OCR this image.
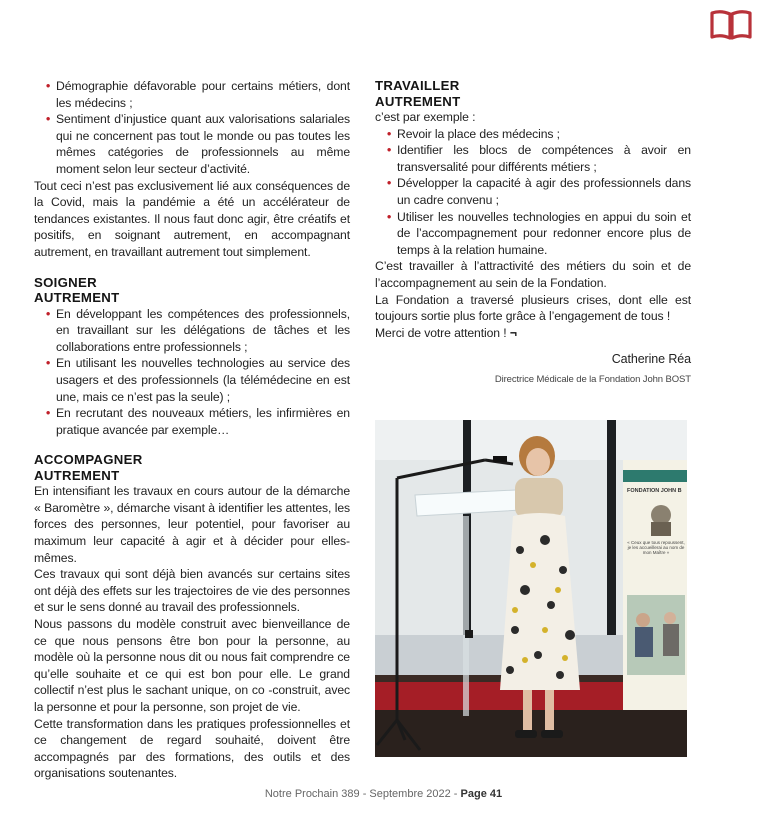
• Démographie défavorable pour certains métiers, dont les médecins ;
• Sentiment d’injustice quant aux valorisations salariales qui ne concernent pas tout le monde ou pas toutes les mêmes catégories de professionnels au même moment selon leur secteur d’activité.

Tout ceci n’est pas exclusivement lié aux conséquences de la Covid, mais la pandémie a été un accélérateur de tendances existantes. Il nous faut donc agir, être créatifs et positifs, en soignant autrement, en accompagnant autrement, en travaillant autrement tout simplement.

SOIGNER
AUTREMENT
• En développant les compétences des professionnels, en travaillant sur les délégations de tâches et les collaborations entre professionnels ;
• En utilisant les nouvelles technologies au service des usagers et des professionnels (la télémédecine en est une, mais ce n’est pas la seule) ;
• En recrutant des nouveaux métiers, les infirmières en pratique avancée par exemple…
ACCOMPAGNER
AUTREMENT

En intensifiant les travaux en cours autour de la démarche « Baromètre », démarche visant à identifier les attentes, les forces des personnes, leur potentiel, pour favoriser au maximum leur capacité à agir et à décider pour elles-mêmes.

Ces travaux qui sont déjà bien avancés sur certains sites ont déjà des effets sur les trajectoires de vie des personnes et sur le sens donné au travail des professionnels.

Nous passons du modèle construit avec bienveillance de ce que nous pensons être bon pour la personne, au modèle où la personne nous dit ou nous fait comprendre ce qu’elle souhaite et ce qui est bon pour elle. Le grand collectif n’est plus le sachant unique, on co -construit, avec la personne et pour la personne, son projet de vie.

Cette transformation dans les pratiques professionnelles et ce changement de regard souhaité, doivent être accompagnés par des formations, des outils et des organisations soutenantes.

TRAVAILLER
AUTREMENT

c’est par exemple :

• Revoir la place des médecins ;
• Identifier les blocs de compétences à avoir en transversalité pour différents métiers ;
• Développer la capacité à agir des professionnels dans un cadre convenu ;
• Utiliser les nouvelles technologies en appui du soin et de l’accompagnement pour redonner encore plus de temps à la relation humaine.

C’est travailler à l’attractivité des métiers du soin et de l’accompagnement au sein de la Fondation.

La Fondation a traversé plusieurs crises, dont elle est toujours sortie plus forte grâce à l’engagement de tous !

Merci de votre attention ! ¬

Catherine Réa
Directrice Médicale de la Fondation John BOST
FONDATION JOHN B
« Ceux que tous repoussent, je les accueillerai au nom de mon Maître »
Notre Prochain 389 - Septembre 2022 - Page 41
